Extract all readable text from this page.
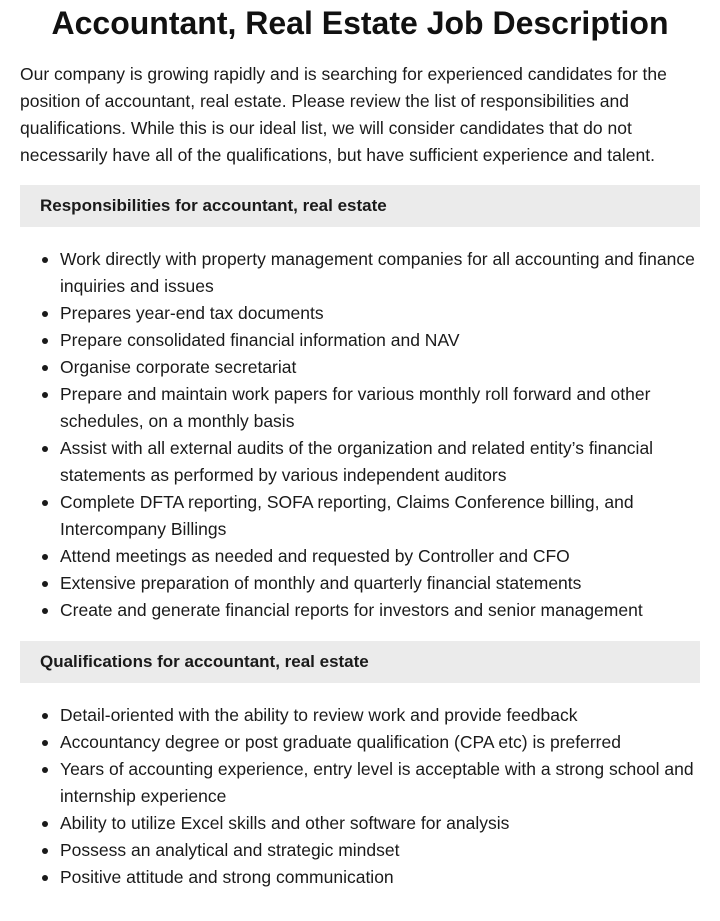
Accountant, Real Estate Job Description

Our company is growing rapidly and is searching for experienced candidates for the position of accountant, real estate. Please review the list of responsibilities and qualifications. While this is our ideal list, we will consider candidates that do not necessarily have all of the qualifications, but have sufficient experience and talent.

Responsibilities for accountant, real estate
Work directly with property management companies for all accounting and finance inquiries and issues
Prepares year-end tax documents
Prepare consolidated financial information and NAV
Organise corporate secretariat
Prepare and maintain work papers for various monthly roll forward and other schedules, on a monthly basis
Assist with all external audits of the organization and related entity’s financial statements as performed by various independent auditors
Complete DFTA reporting, SOFA reporting, Claims Conference billing, and Intercompany Billings
Attend meetings as needed and requested by Controller and CFO
Extensive preparation of monthly and quarterly financial statements
Create and generate financial reports for investors and senior management
Qualifications for accountant, real estate
Detail-oriented with the ability to review work and provide feedback
Accountancy degree or post graduate qualification (CPA etc) is preferred
Years of accounting experience, entry level is acceptable with a strong school and internship experience
Ability to utilize Excel skills and other software for analysis
Possess an analytical and strategic mindset
Positive attitude and strong communication
